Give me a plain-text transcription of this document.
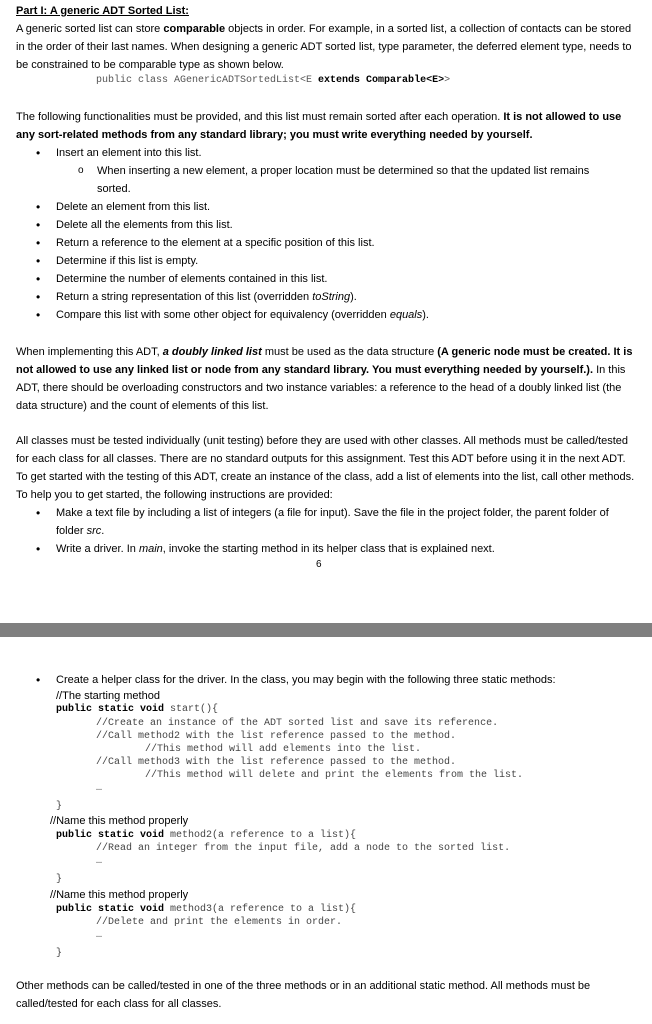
Part I: A generic ADT Sorted List:

A generic sorted list can store comparable objects in order. For example, in a sorted list, a collection of contacts can be stored in the order of their last names. When designing a generic ADT sorted list, type parameter, the deferred element type, needs to be constrained to be comparable type as shown below.

public class AGenericADTSortedList<E extends Comparable<E>>

The following functionalities must be provided, and this list must remain sorted after each operation. It is not allowed to use any sort-related methods from any standard library; you must write everything needed by yourself.

• Insert an element into this list.

o When inserting a new element, a proper location must be determined so that the updated list remains sorted.

• Delete an element from this list.

• Delete all the elements from this list.

• Return a reference to the element at a specific position of this list.

• Determine if this list is empty.

• Determine the number of elements contained in this list.

• Return a string representation of this list (overridden toString).

• Compare this list with some other object for equivalency (overridden equals).

When implementing this ADT, a doubly linked list must be used as the data structure (A generic node must be created. It is not allowed to use any linked list or node from any standard library. You must everything needed by yourself.). In this ADT, there should be overloading constructors and two instance variables: a reference to the head of a doubly linked list (the data structure) and the count of elements of this list.

All classes must be tested individually (unit testing) before they are used with other classes. All methods must be called/tested for each class for all classes. There are no standard outputs for this assignment. Test this ADT before using it in the next ADT. To get started with the testing of this ADT, create an instance of the class, add a list of elements into the list, call other methods. To help you to get started, the following instructions are provided:

• Make a text file by including a list of integers (a file for input). Save the file in the project folder, the parent folder of folder src.

• Write a driver. In main, invoke the starting method in its helper class that is explained next.

6

• Create a helper class for the driver. In the class, you may begin with the following three static methods:

//The starting method

public static void start(){
//Create an instance of the ADT sorted list and save its reference.
//Call method2 with the list reference passed to the method.
//This method will add elements into the list.
//Call method3 with the list reference passed to the method.
//This method will delete and print the elements from the list.
…
}

//Name this method properly

public static void method2(a reference to a list){
//Read an integer from the input file, add a node to the sorted list.
…
}

//Name this method properly

public static void method3(a reference to a list){
//Delete and print the elements in order.
…
}

Other methods can be called/tested in one of the three methods or in an additional static method. All methods must be called/tested for each class for all classes.
